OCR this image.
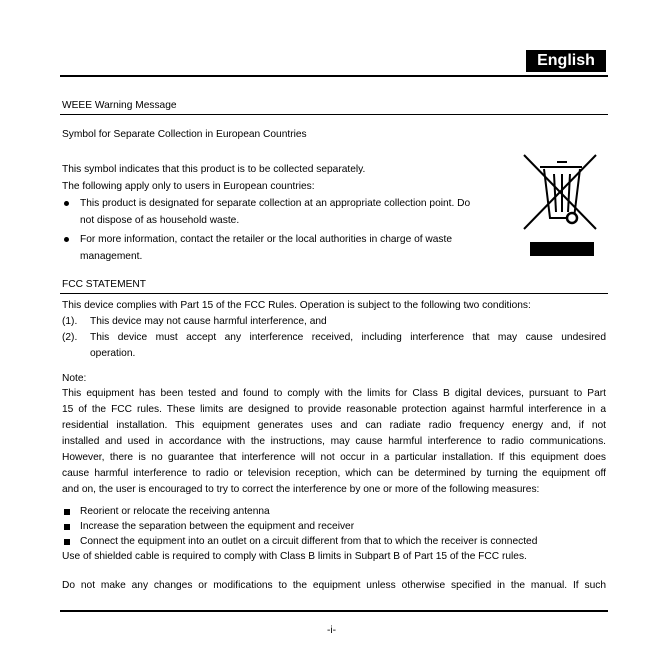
English
WEEE Warning Message
Symbol for Separate Collection in European Countries
This symbol indicates that this product is to be collected separately.
The following apply only to users in European countries:
This product is designated for separate collection at an appropriate collection point. Do
not dispose of as household waste.
For more information, contact the retailer or the local authorities in charge of waste
management.
FCC STATEMENT
This device complies with Part 15 of the FCC Rules. Operation is subject to the following two conditions:
(1). This device may not cause harmful interference, and
(2). This device must accept any interference received, including interference that may cause undesired
operation.
Note:
This equipment has been tested and found to comply with the limits for Class B digital devices, pursuant to Part
15 of the FCC rules. These limits are designed to provide reasonable protection against harmful interference in a
residential installation. This equipment generates uses and can radiate radio frequency energy and, if not
installed and used in accordance with the instructions, may cause harmful interference to radio communications.
However, there is no guarantee that interference will not occur in a particular installation. If this equipment does
cause harmful interference to radio or television reception, which can be determined by turning the equipment off
and on, the user is encouraged to try to correct the interference by one or more of the following measures:
Reorient or relocate the receiving antenna
Increase the separation between the equipment and receiver
Connect the equipment into an outlet on a circuit different from that to which the receiver is connected
Use of shielded cable is required to comply with Class B limits in Subpart B of Part 15 of the FCC rules.
Do not make any changes or modifications to the equipment unless otherwise specified in the manual. If such
-i-
